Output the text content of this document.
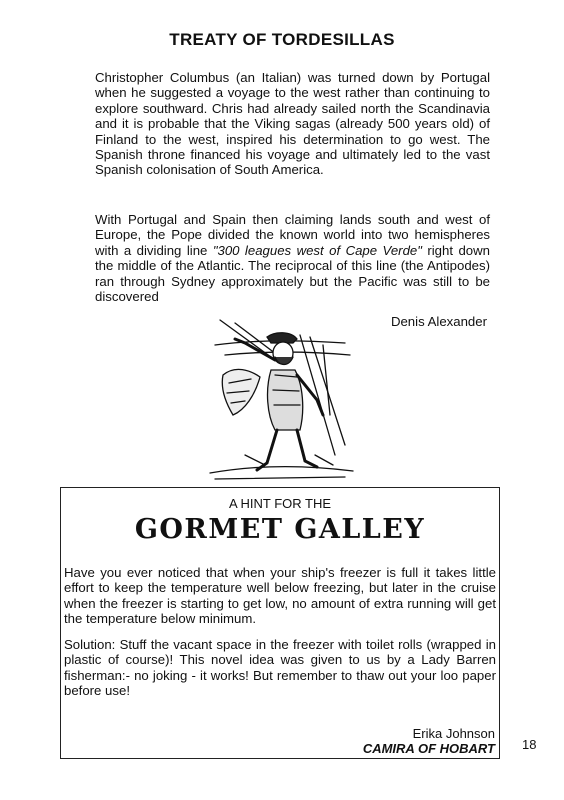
TREATY OF TORDESILLAS
Christopher Columbus (an Italian) was turned down by Portugal when he suggested a voyage to the west rather than continuing to explore southward. Chris had already sailed north the Scandinavia and it is probable that the Viking sagas (already 500 years old) of Finland to the west, inspired his determination to go west. The Spanish throne financed his voyage and ultimately led to the vast Spanish colonisation of South America.
With Portugal and Spain then claiming lands south and west of Europe, the Pope divided the known world into two hemispheres with a dividing line "300 leagues west of Cape Verde" right down the middle of the Atlantic. The reciprocal of this line (the Antipodes) ran through Sydney approximately but the Pacific was still to be discovered
Denis Alexander
A HINT FOR THE
GORMET GALLEY
Have you ever noticed that when your ship's freezer is full it takes little effort to keep the temperature well below freezing, but later in the cruise when the freezer is starting to get low, no amount of extra running will get the temperature below minimum.
Solution: Stuff the vacant space in the freezer with toilet rolls (wrapped in plastic of course)! This novel idea was given to us by a Lady Barren fisherman:- no joking - it works! But remember to thaw out your loo paper before use!
Erika Johnson
CAMIRA OF HOBART 18
